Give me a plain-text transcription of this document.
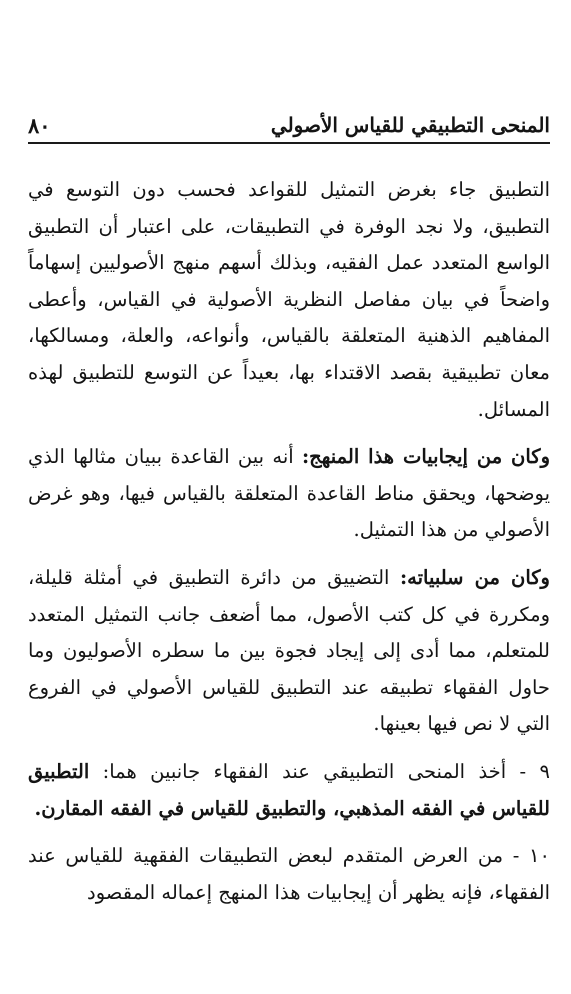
المنحى التطبيقي للقياس الأصولي
٨٠

التطبيق جاء بغرض التمثيل للقواعد فحسب دون التوسع في التطبيق، ولا نجد الوفرة في التطبيقات، على اعتبار أن التطبيق الواسع المتعدد عمل الفقيه، وبذلك أسهم منهج الأصوليين إسهاماً واضحاً في بيان مفاصل النظرية الأصولية في القياس، وأعطى المفاهيم الذهنية المتعلقة بالقياس، وأنواعه، والعلة، ومسالكها، معان تطبيقية بقصد الاقتداء بها، بعيداً عن التوسع للتطبيق لهذه المسائل.

وكان من إيجابيات هذا المنهج: أنه بين القاعدة ببيان مثالها الذي يوضحها، ويحقق مناط القاعدة المتعلقة بالقياس فيها، وهو غرض الأصولي من هذا التمثيل.

وكان من سلبياته: التضييق من دائرة التطبيق في أمثلة قليلة، ومكررة في كل كتب الأصول، مما أضعف جانب التمثيل المتعدد للمتعلم، مما أدى إلى إيجاد فجوة بين ما سطره الأصوليون وما حاول الفقهاء تطبيقه عند التطبيق للقياس الأصولي في الفروع التي لا نص فيها بعينها.

٩ - أخذ المنحى التطبيقي عند الفقهاء جانبين هما: التطبيق للقياس في الفقه المذهبي، والتطبيق للقياس في الفقه المقارن.

١٠ - من العرض المتقدم لبعض التطبيقات الفقهية للقياس عند الفقهاء، فإنه يظهر أن إيجابيات هذا المنهج إعماله المقصود
